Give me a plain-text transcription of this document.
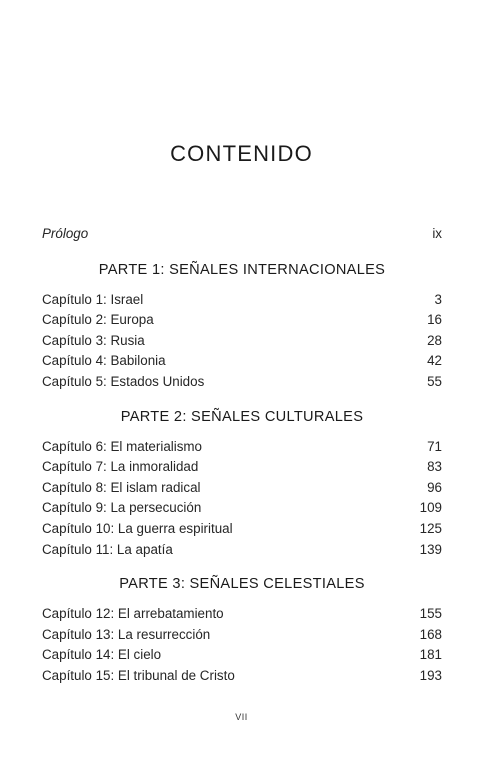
CONTENIDO
Prólogo	ix
PARTE 1: SEÑALES INTERNACIONALES
Capítulo 1: Israel	3
Capítulo 2: Europa	16
Capítulo 3: Rusia	28
Capítulo 4: Babilonia	42
Capítulo 5: Estados Unidos	55
PARTE 2: SEÑALES CULTURALES
Capítulo 6: El materialismo	71
Capítulo 7: La inmoralidad	83
Capítulo 8: El islam radical	96
Capítulo 9: La persecución	109
Capítulo 10: La guerra espiritual	125
Capítulo 11: La apatía	139
PARTE 3: SEÑALES CELESTIALES
Capítulo 12: El arrebatamiento	155
Capítulo 13: La resurrección	168
Capítulo 14: El cielo	181
Capítulo 15: El tribunal de Cristo	193
VII
